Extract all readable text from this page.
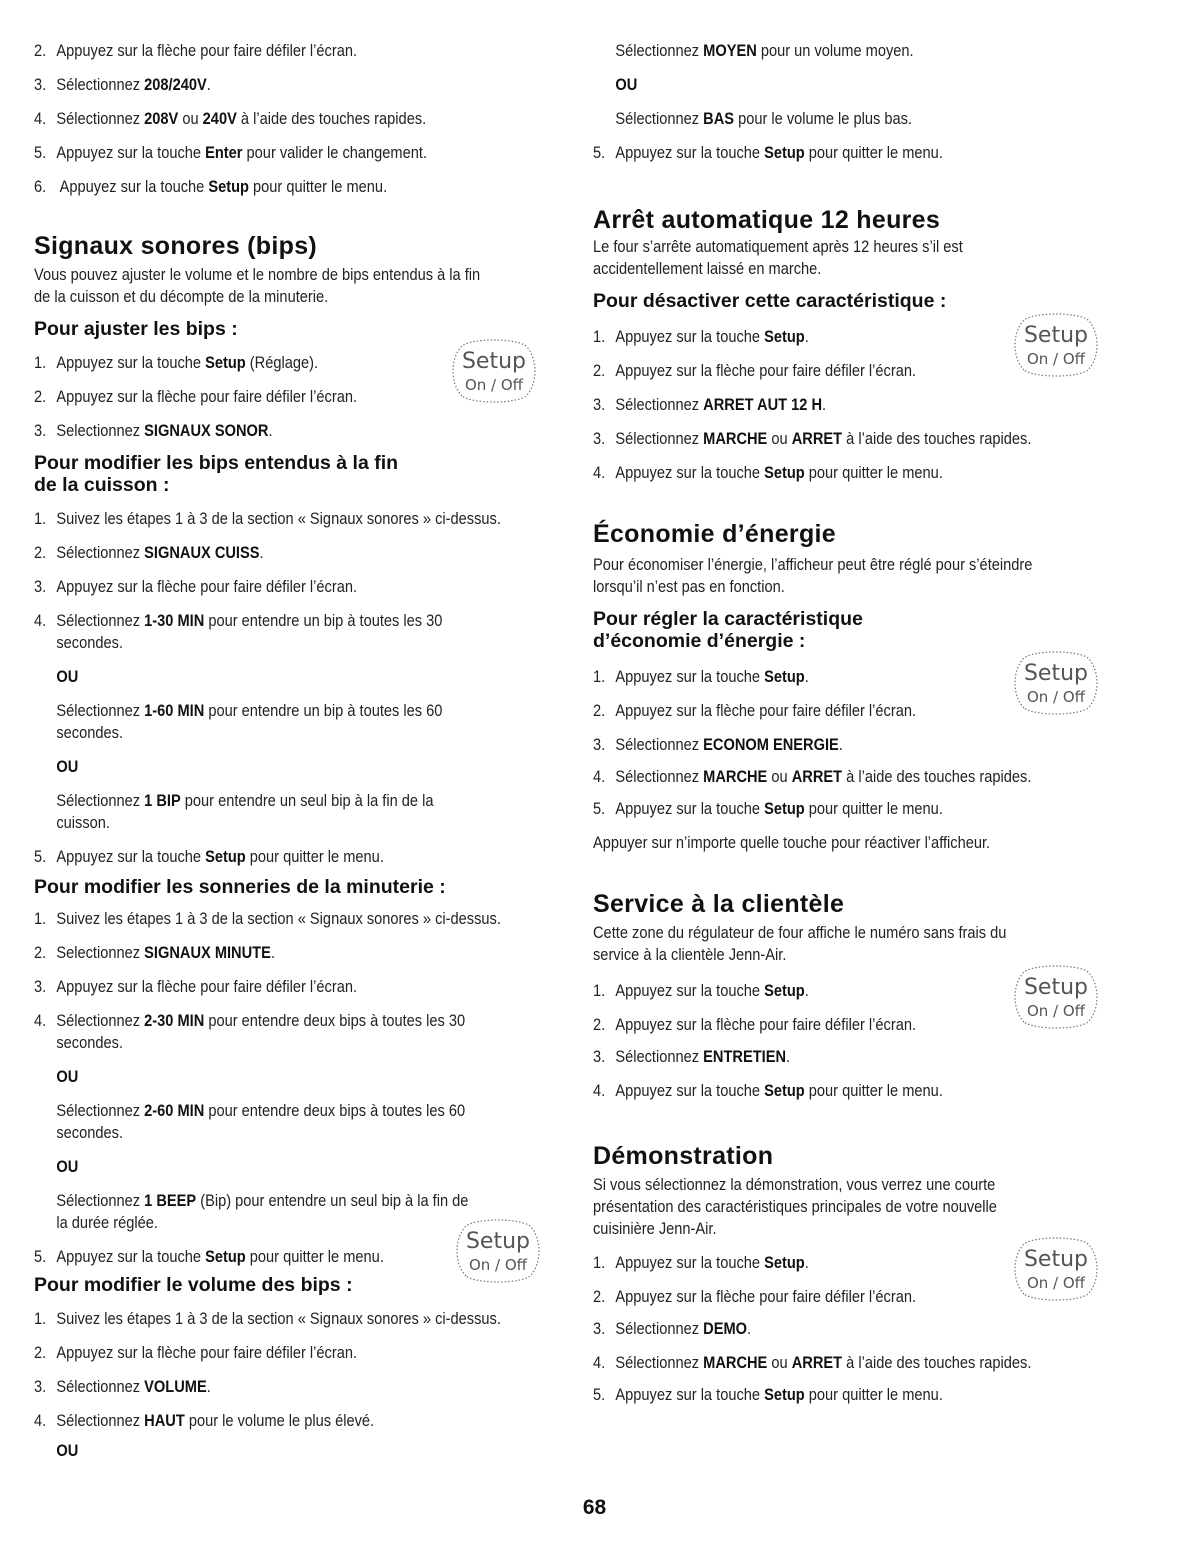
2. Appuyez sur la flèche pour faire défiler l’écran.
3. Sélectionnez 208/240V.
4. Sélectionnez 208V ou 240V à l’aide des touches rapides.
5. Appuyez sur la touche Enter pour valider le changement.
6. Appuyez sur la touche Setup pour quitter le menu.
Signaux sonores (bips)
Vous pouvez ajuster le volume et le nombre de bips entendus à la fin
de la cuisson et du décompte de la minuterie.
Pour ajuster les bips :
1. Appuyez sur la touche Setup (Réglage).
2. Appuyez sur la flèche pour faire défiler l’écran.
3. Selectionnez SIGNAUX SONOR.
Pour modifier les bips entendus à la fin
de la cuisson :
1. Suivez les étapes 1 à 3 de la section « Signaux sonores » ci-dessus.
2. Sélectionnez SIGNAUX CUISS.
3. Appuyez sur la flèche pour faire défiler l’écran.
4. Sélectionnez 1-30 MIN pour entendre un bip à toutes les 30
secondes.
OU
Sélectionnez 1-60 MIN pour entendre un bip à toutes les 60
secondes.
OU
Sélectionnez 1 BIP pour entendre un seul bip à la fin de la
cuisson.
5. Appuyez sur la touche Setup pour quitter le menu.
Pour modifier les sonneries de la minuterie :
1. Suivez les étapes 1 à 3 de la section « Signaux sonores » ci-dessus.
2. Selectionnez SIGNAUX MINUTE.
3. Appuyez sur la flèche pour faire défiler l’écran.
4. Sélectionnez 2-30 MIN pour entendre deux bips à toutes les 30
secondes.
OU
Sélectionnez 2-60 MIN pour entendre deux bips à toutes les 60
secondes.
OU
Sélectionnez 1 BEEP (Bip) pour entendre un seul bip à la fin de
la durée réglée.
5. Appuyez sur la touche Setup pour quitter le menu.
Pour modifier le volume des bips :
1. Suivez les étapes 1 à 3 de la section « Signaux sonores » ci-dessus.
2. Appuyez sur la flèche pour faire défiler l’écran.
3. Sélectionnez VOLUME.
4. Sélectionnez HAUT pour le volume le plus élevé.
OU
Sélectionnez MOYEN pour un volume moyen.
OU
Sélectionnez BAS pour le volume le plus bas.
5. Appuyez sur la touche Setup pour quitter le menu.
Arrêt automatique 12 heures
Le four s’arrête automatiquement après 12 heures s’il est
accidentellement laissé en marche.
Pour désactiver cette caractéristique :
1. Appuyez sur la touche Setup.
2. Appuyez sur la flèche pour faire défiler l’écran.
3. Sélectionnez ARRET AUT 12 H.
3. Sélectionnez MARCHE ou ARRET à l’aide des touches rapides.
4. Appuyez sur la touche Setup pour quitter le menu.
Économie d’énergie
Pour économiser l’énergie, l’afficheur peut être réglé pour s’éteindre
lorsqu’il n’est pas en fonction.
Pour régler la caractéristique
d’économie d’énergie :
1. Appuyez sur la touche Setup.
2. Appuyez sur la flèche pour faire défiler l’écran.
3. Sélectionnez ECONOM ENERGIE.
4. Sélectionnez MARCHE ou ARRET à l’aide des touches rapides.
5. Appuyez sur la touche Setup pour quitter le menu.
Appuyer sur n’importe quelle touche pour réactiver l’afficheur.
Service à la clientèle
Cette zone du régulateur de four affiche le numéro sans frais du
service à la clientèle Jenn-Air.
1. Appuyez sur la touche Setup.
2. Appuyez sur la flèche pour faire défiler l’écran.
3. Sélectionnez ENTRETIEN.
4. Appuyez sur la touche Setup pour quitter le menu.
Démonstration
Si vous sélectionnez la démonstration, vous verrez une courte
présentation des caractéristiques principales de votre nouvelle
cuisinière Jenn-Air.
1. Appuyez sur la touche Setup.
2. Appuyez sur la flèche pour faire défiler l’écran.
3. Sélectionnez DEMO.
4. Sélectionnez MARCHE ou ARRET à l’aide des touches rapides.
5. Appuyez sur la touche Setup pour quitter le menu.
Setup
On / Off
Setup
On / Off
Setup
On / Off
Setup
On / Off
Setup
On / Off	Setup
On / Off
68
